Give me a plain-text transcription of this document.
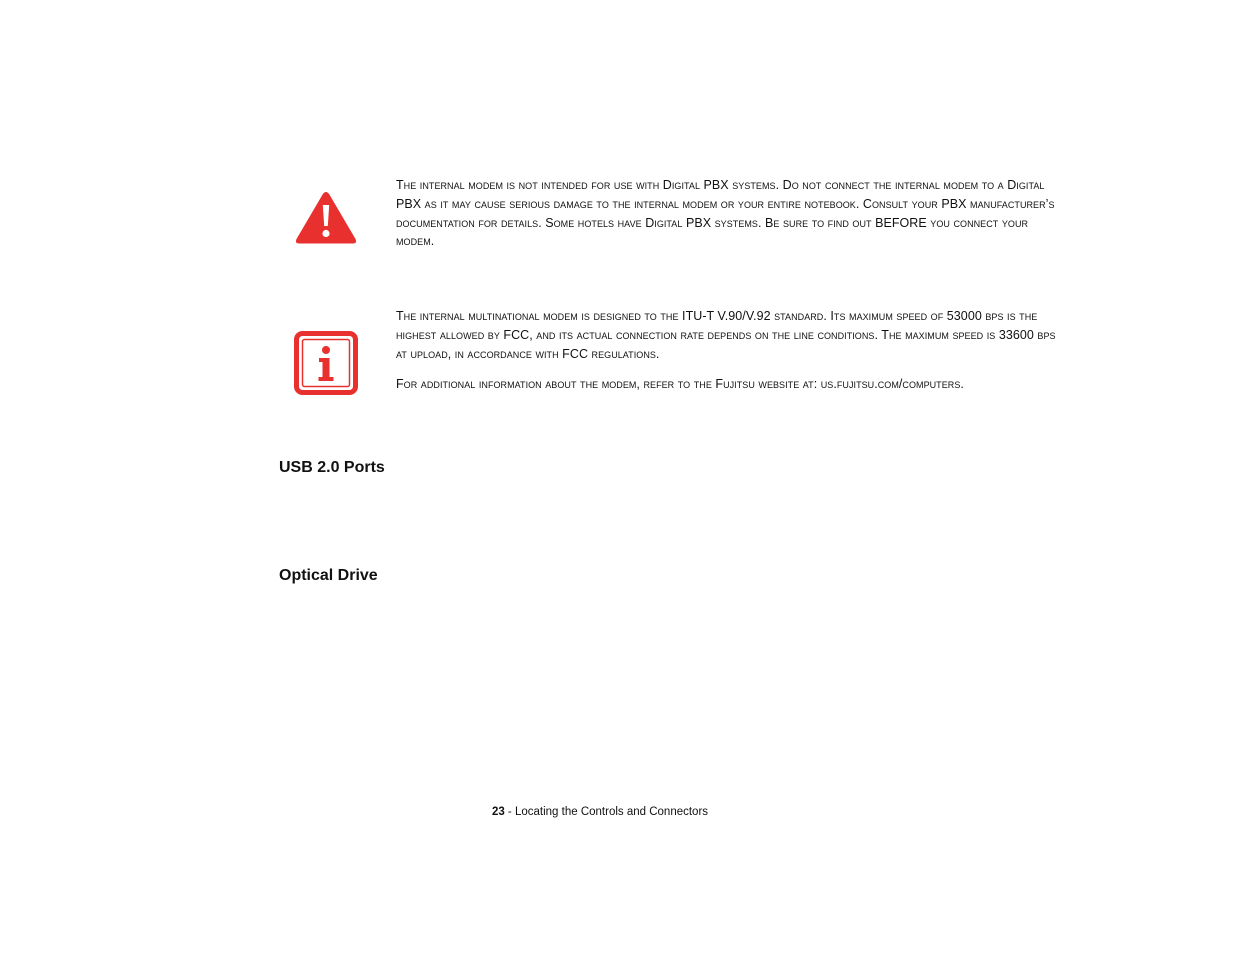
The internal modem is not intended for use with Digital PBX systems. Do not connect the internal modem to a Digital PBX as it may cause serious damage to the internal modem or your entire notebook. Consult your PBX manufacturer’s documentation for details. Some hotels have Digital PBX systems. Be sure to find out BEFORE you connect your modem.

The internal multinational modem is designed to the ITU-T V.90/V.92 standard. Its maximum speed of 53000 bps is the highest allowed by FCC, and its actual connection rate depends on the line conditions. The maximum speed is 33600 bps at upload, in accordance with FCC regulations.

For additional information about the modem, refer to the Fujitsu website at: us.fujitsu.com/computers.

USB 2.0 Ports
Optical Drive
23 - Locating the Controls and Connectors
